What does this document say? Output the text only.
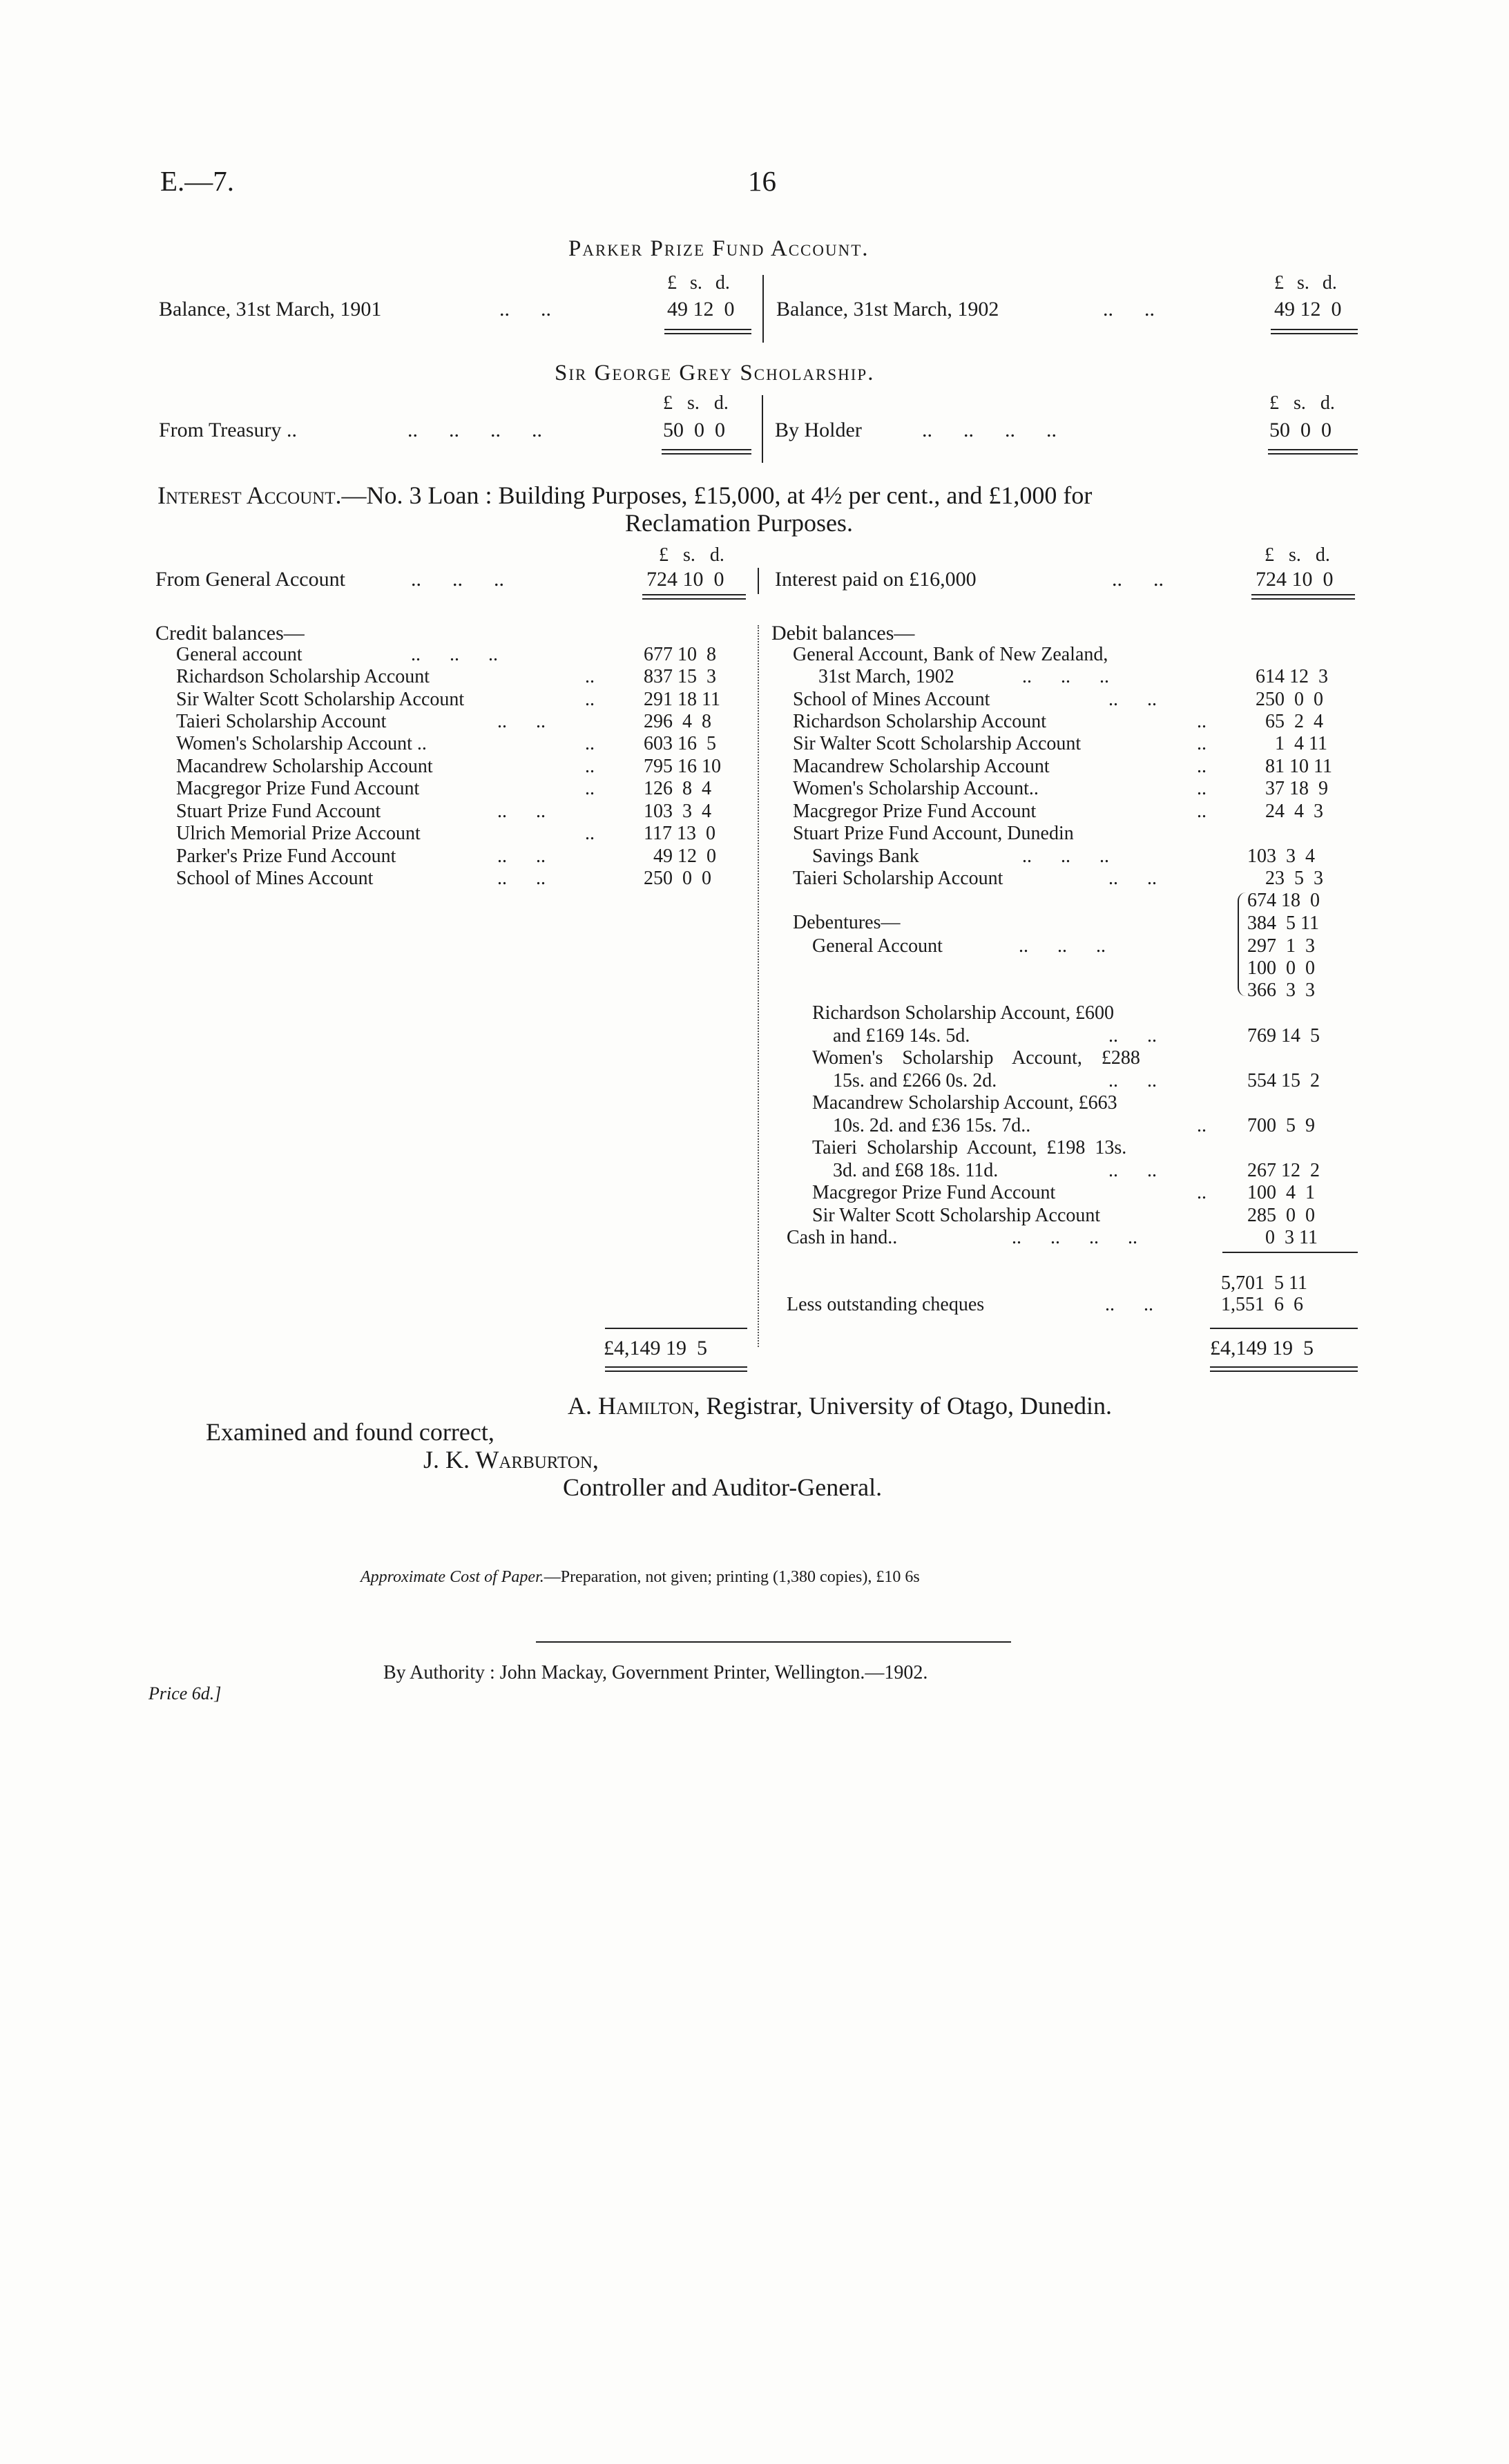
E.—7.	16
Parker Prize Fund Account.
£ s. d.	£ s. d.
Balance, 31st March, 1901	..      ..	49 12  0 Balance, 31st March, 1902	..      ..	49 12  0
Sir George Grey Scholarship.
£ s. d.	£ s. d.
From Treasury ..	..      ..      ..      ..	50  0  0 By Holder	..      ..      ..      ..	50  0  0
Interest Account.—No. 3 Loan : Building Purposes, £15,000, at 4½ per cent., and £1,000 for
Reclamation Purposes.
£ s. d.	£ s. d.
From General Account	..      ..      ..	724 10  0 Interest paid on £16,000	..      ..	724 10  0
Credit balances—
General account	..      ..      ..	677 10  8
Richardson Scholarship Account	..	837 15  3
Sir Walter Scott Scholarship Account	..	291 18 11
Taieri Scholarship Account	..      ..	296  4  8
Women's Scholarship Account ..	..	603 16  5
Macandrew Scholarship Account	..	795 16 10
Macgregor Prize Fund Account	..	126  8  4
Stuart Prize Fund Account	..      ..	103  3  4
Ulrich Memorial Prize Account	..	117 13  0
Parker's Prize Fund Account	..      ..	49 12  0
School of Mines Account	..      ..	250  0  0
£4,149 19  5
Debit balances—
General Account, Bank of New Zealand,
31st March, 1902	..      ..      ..	614 12  3
School of Mines Account	..      ..	250  0  0
Richardson Scholarship Account	..	65  2  4
Sir Walter Scott Scholarship Account	..	1  4 11
Macandrew Scholarship Account	..	81 10 11
Women's Scholarship Account..	..	37 18  9
Macgregor Prize Fund Account	..	24  4  3
Stuart Prize Fund Account, Dunedin
Savings Bank	..      ..      ..	103  3  4
Taieri Scholarship Account	..      ..	23  5  3
Debentures—
General Account	..      ..      ..
674 18  0
384  5 11
297  1  3
100  0  0
366  3  3
Richardson Scholarship Account, £600
and £169 14s. 5d.	..      ..	769 14  5
Women's    Scholarship    Account,    £288
15s. and £266 0s. 2d.	..      ..	554 15  2
Macandrew Scholarship Account, £663
10s. 2d. and £36 15s. 7d..	.. 700  5  9
Taieri  Scholarship  Account,  £198  13s.
3d. and £68 18s. 11d.	..      ..	267 12  2
Macgregor Prize Fund Account	.. 100  4  1
Sir Walter Scott Scholarship Account	285  0  0
Cash in hand..	..      ..      ..      ..	0  3 11
5,701  5 11
Less outstanding cheques	..      ..	1,551  6  6
£4,149 19  5
A. Hamilton, Registrar, University of Otago, Dunedin.
Examined and found correct,
J. K. Warburton,
Controller and Auditor-General.
Approximate Cost of Paper.—Preparation, not given; printing (1,380 copies), £10 6s
By Authority : John Mackay, Government Printer, Wellington.—1902.
Price 6d.]
